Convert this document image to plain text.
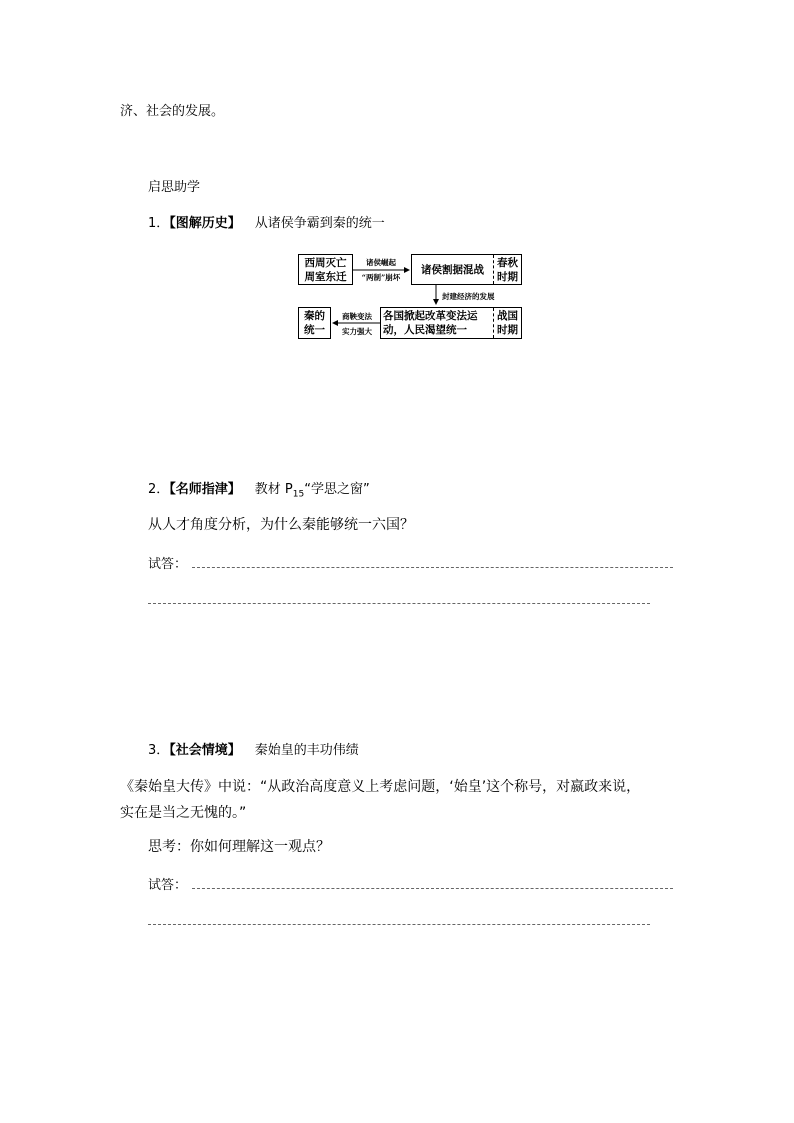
济、社会的发展。
启思助学
1．【图解历史】 从诸侯争霸到秦的统一
西周灭亡
周室东迁
诸侯崛起
“两制”崩坏
诸侯割据混战
春秋
时期
封建经济的发展
各国掀起改革变法运
动，人民渴望统一
战国
时期
商鞅变法
实力强大
秦的
统一
2．【名师指津】 教材 $P_{15}“$学思之窗”
从人才角度分析，为什么秦能够统一六国？
试答：
3．【社会情境】 秦始皇的丰功伟绩
《秦始皇大传》中说：“从政治高度意义上考虑问题，‘始皇’这个称号，对嬴政来说，
实在是当之无愧的。”
思考：你如何理解这一观点？
试答：
